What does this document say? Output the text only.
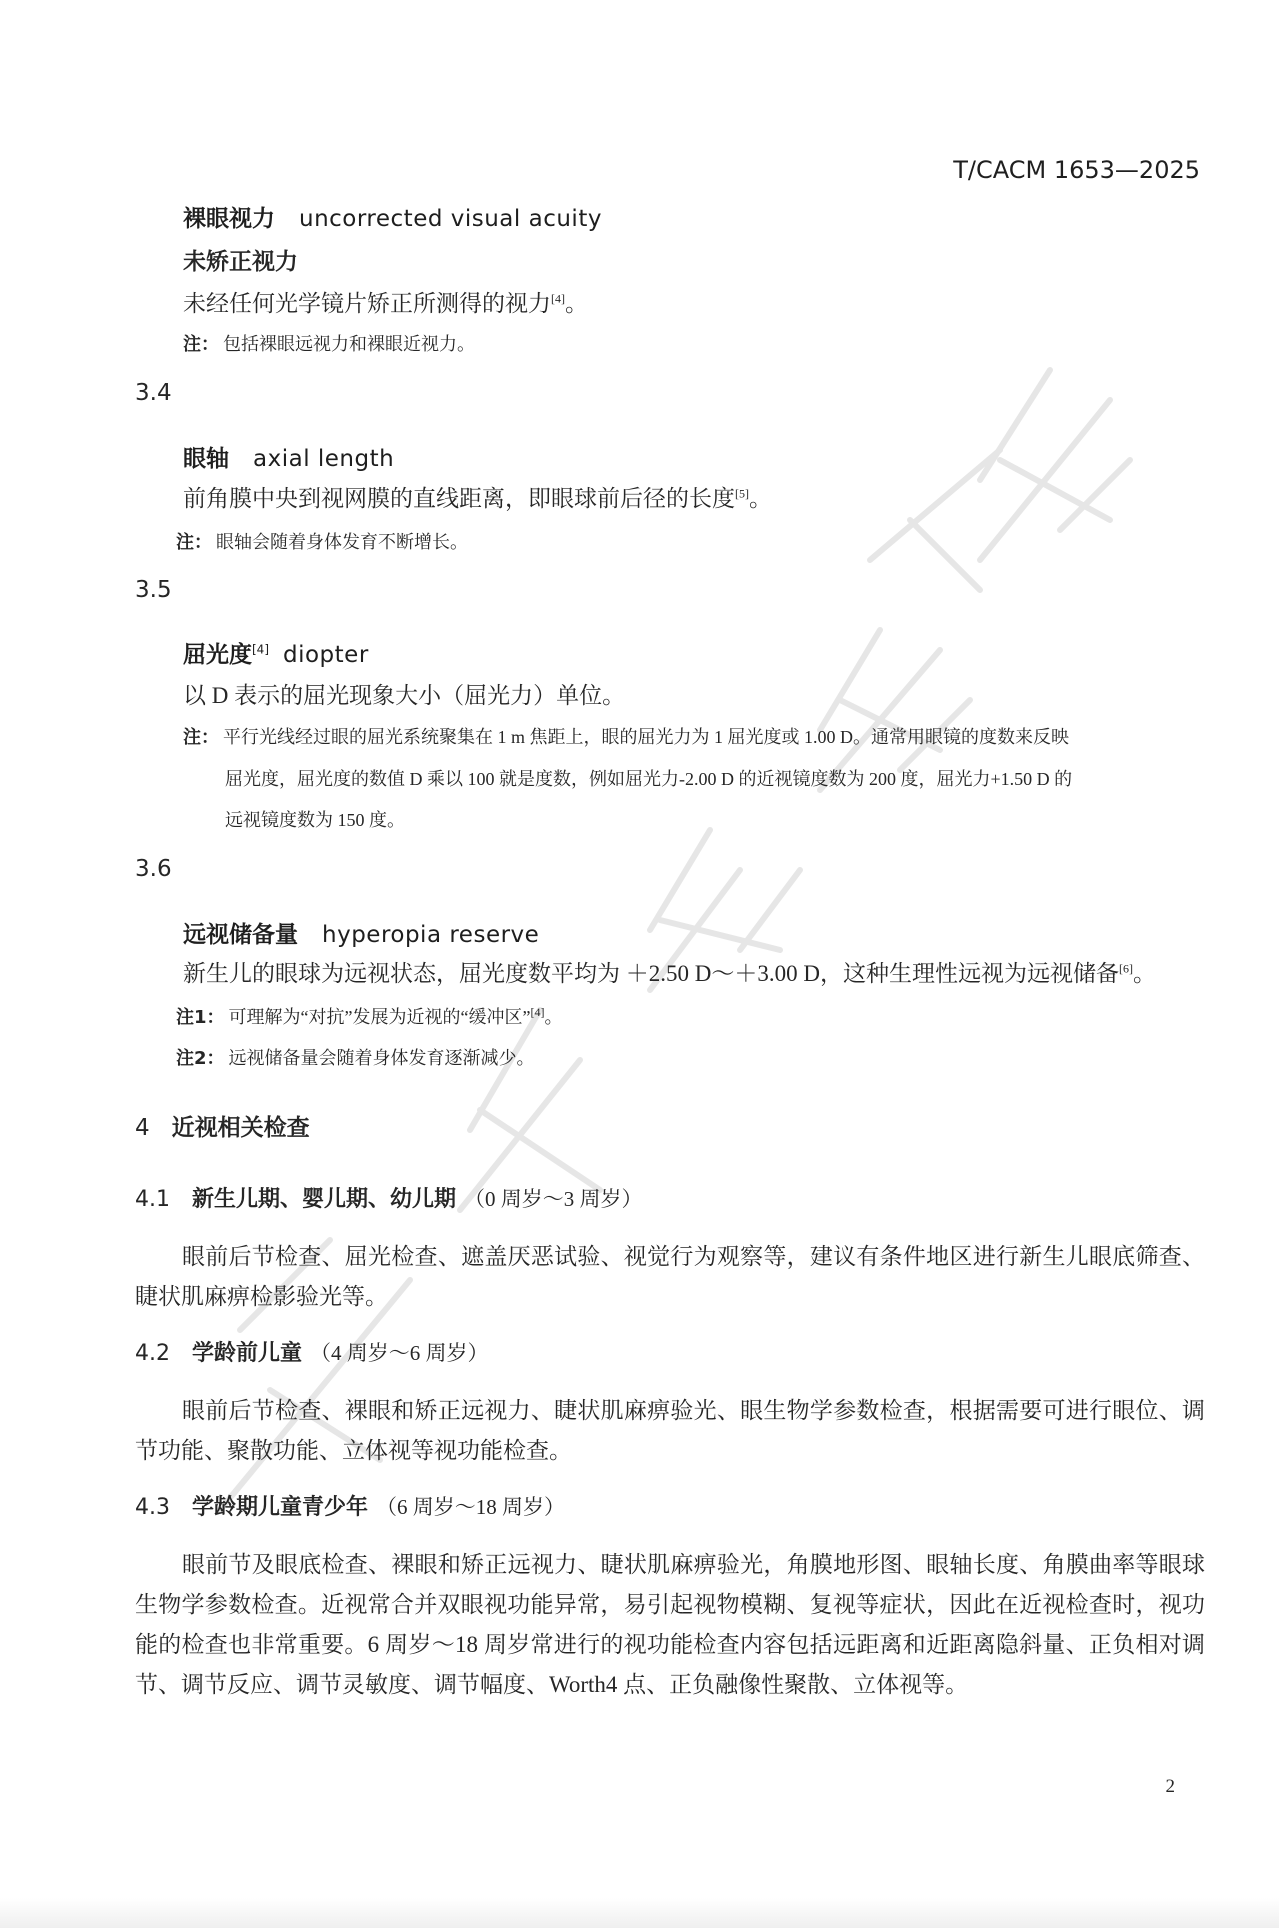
T/CACM 1653—2025
裸眼视力 uncorrected visual acuity
未矫正视力
未经任何光学镜片矫正所测得的视力[4]。
注： 包括裸眼远视力和裸眼近视力。
3.4
眼轴 axial length
前角膜中央到视网膜的直线距离，即眼球前后径的长度[5]。
注： 眼轴会随着身体发育不断增长。
3.5
屈光度[4] diopter
以 D 表示的屈光现象大小（屈光力）单位。
注： 平行光线经过眼的屈光系统聚集在 1 m 焦距上，眼的屈光力为 1 屈光度或 1.00 D。通常用眼镜的度数来反映
屈光度，屈光度的数值 D 乘以 100 就是度数，例如屈光力-2.00 D 的近视镜度数为 200 度，屈光力+1.50 D 的
远视镜度数为 150 度。
3.6
远视储备量 hyperopia reserve
新生儿的眼球为远视状态，屈光度数平均为 ＋2.50 D～＋3.00 D，这种生理性远视为远视储备[6]。
注1： 可理解为“对抗”发展为近视的“缓冲区”[4]。
注2： 远视储备量会随着身体发育逐渐减少。
4 近视相关检查
4.1 新生儿期、婴儿期、幼儿期 （0 周岁～3 周岁）
眼前后节检查、屈光检查、遮盖厌恶试验、视觉行为观察等，建议有条件地区进行新生儿眼底筛查、睫状肌麻痹检影验光等。
4.2 学龄前儿童 （4 周岁～6 周岁）
眼前后节检查、裸眼和矫正远视力、睫状肌麻痹验光、眼生物学参数检查，根据需要可进行眼位、调节功能、聚散功能、立体视等视功能检查。
4.3 学龄期儿童青少年 （6 周岁～18 周岁）
眼前节及眼底检查、裸眼和矫正远视力、睫状肌麻痹验光，角膜地形图、眼轴长度、角膜曲率等眼球生物学参数检查。近视常合并双眼视功能异常，易引起视物模糊、复视等症状，因此在近视检查时，视功能的检查也非常重要。6 周岁～18 周岁常进行的视功能检查内容包括远距离和近距离隐斜量、正负相对调节、调节反应、调节灵敏度、调节幅度、Worth4 点、正负融像性聚散、立体视等。
2
